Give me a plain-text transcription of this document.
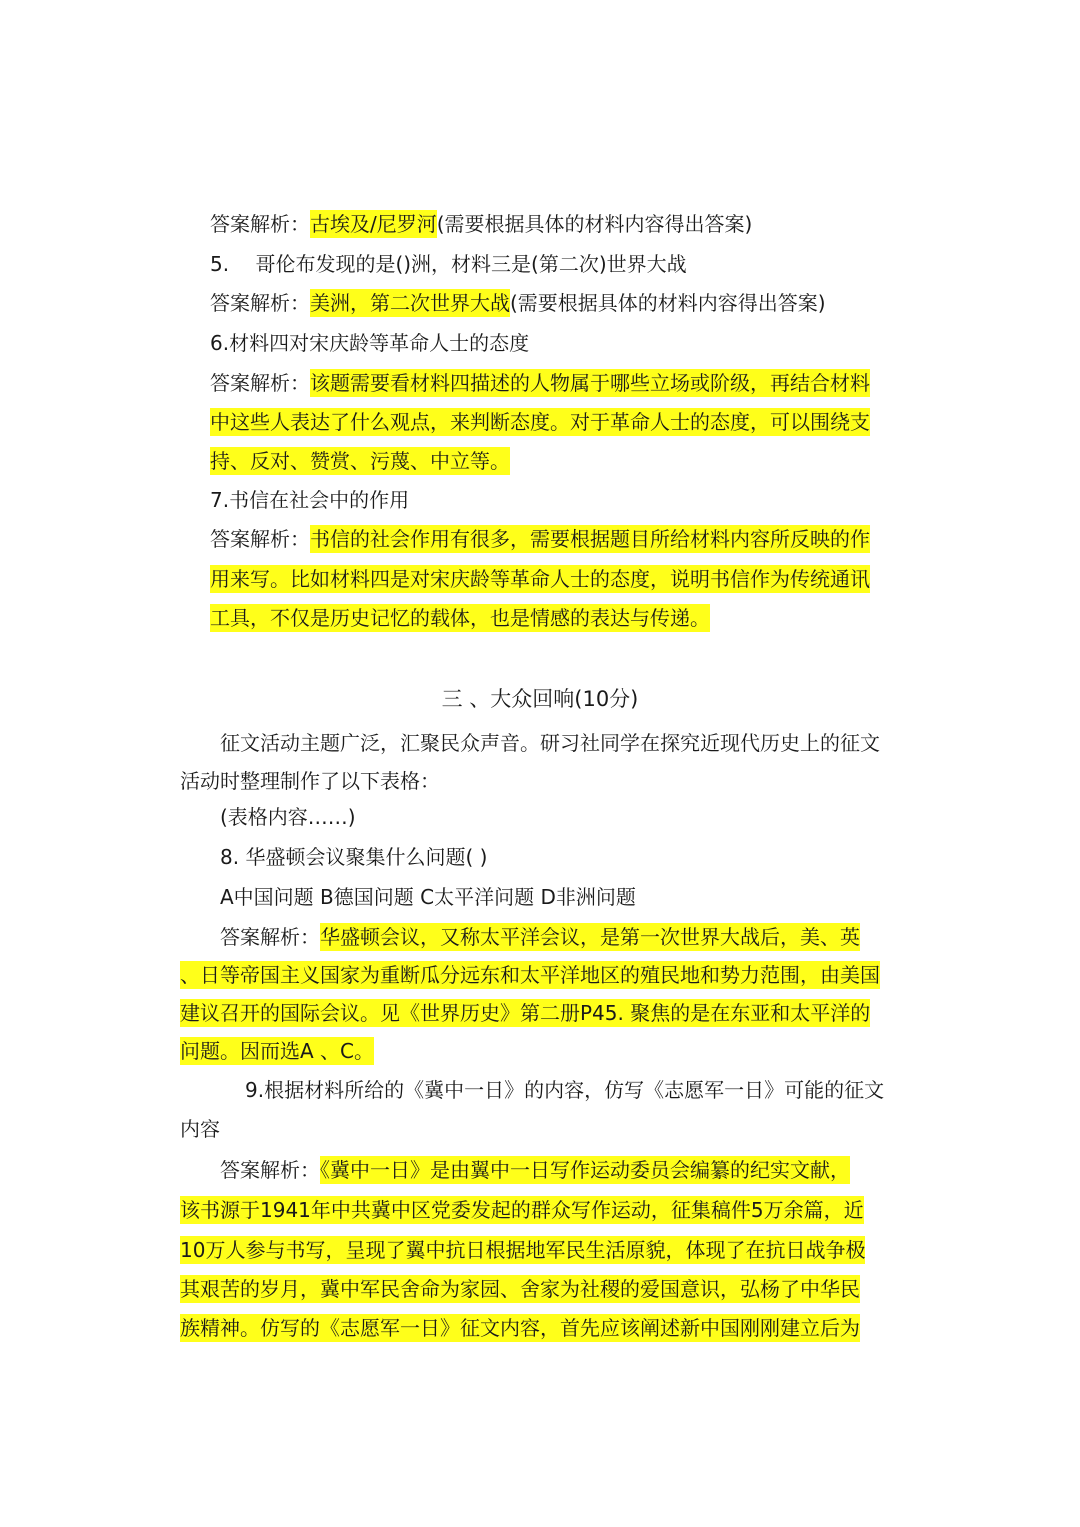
答案解析：古埃及/尼罗河(需要根据具体的材料内容得出答案)
5.　 哥伦布发现的是()洲，材料三是(第二次)世界大战
答案解析：美洲，第二次世界大战(需要根据具体的材料内容得出答案)
6.材料四对宋庆龄等革命人士的态度
答案解析：该题需要看材料四描述的人物属于哪些立场或阶级，再结合材料
中这些人表达了什么观点，来判断态度。对于革命人士的态度，可以围绕支
持、反对、赞赏、污蔑、中立等。
7.书信在社会中的作用
答案解析：书信的社会作用有很多，需要根据题目所给材料内容所反映的作
用来写。比如材料四是对宋庆龄等革命人士的态度，说明书信作为传统通讯
工具，不仅是历史记忆的载体，也是情感的表达与传递。
三 、大众回响(10分)
征文活动主题广泛，汇聚民众声音。研习社同学在探究近现代历史上的征文
活动时整理制作了以下表格：
(表格内容……)
8. 华盛顿会议聚集什么问题( )
A中国问题 B德国问题 C太平洋问题 D非洲问题
答案解析：华盛顿会议，又称太平洋会议，是第一次世界大战后，美、英
、日等帝国主义国家为重断瓜分远东和太平洋地区的殖民地和势力范围，由美国
建议召开的国际会议。见《世界历史》第二册P45. 聚焦的是在东亚和太平洋的
问题。因而选A 、C。
9.根据材料所给的《冀中一日》的内容，仿写《志愿军一日》可能的征文
内容
答案解析：《冀中一日》是由翼中一日写作运动委员会编纂的纪实文献，
该书源于1941年中共冀中区党委发起的群众写作运动，征集稿件5万余篇，近
10万人参与书写，呈现了翼中抗日根据地军民生活原貌，体现了在抗日战争极
其艰苦的岁月，冀中军民舍命为家园、舍家为社稷的爱国意识，弘杨了中华民
族精神。仿写的《志愿军一日》征文内容，首先应该阐述新中国刚刚建立后为
